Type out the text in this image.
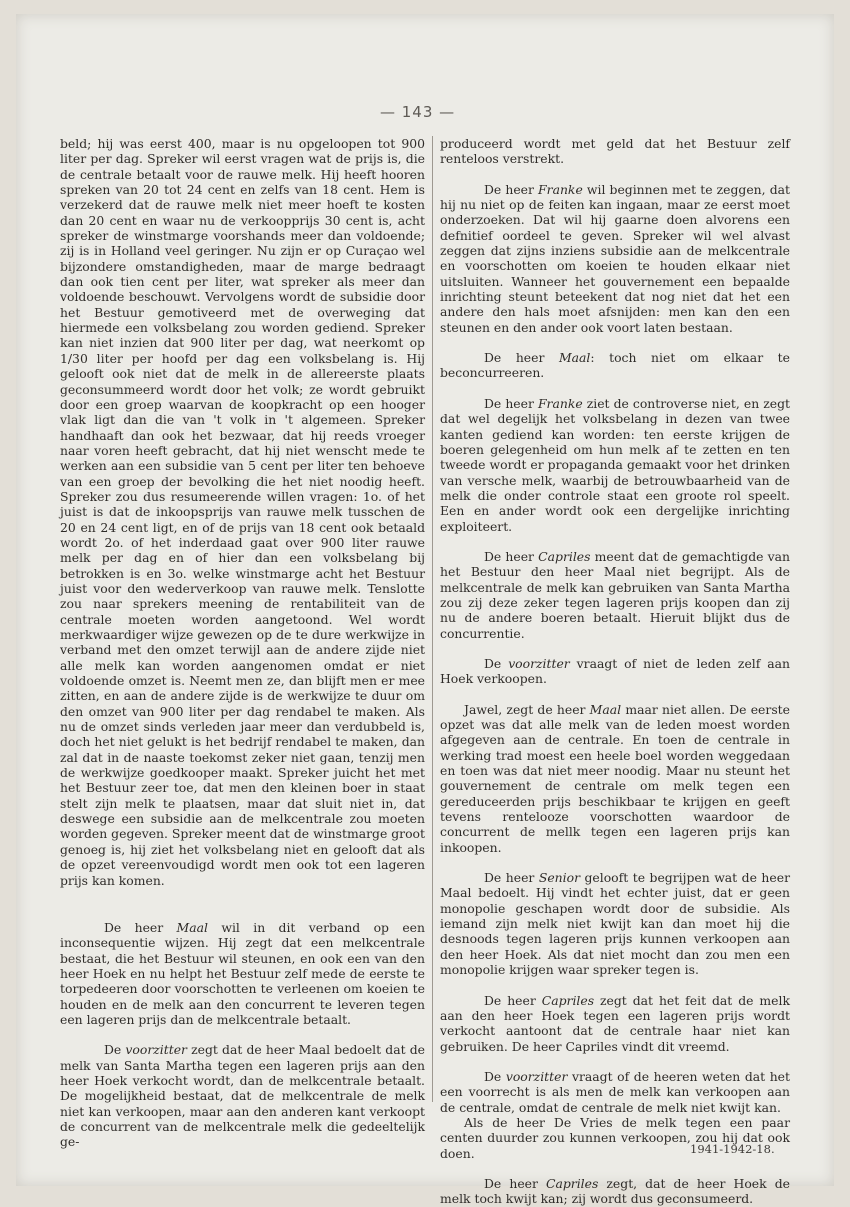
— 143 —

beld; hij was eerst 400, maar is nu opgeloopen tot 900 liter per dag. Spreker wil eerst vragen wat de prijs is, die de centrale betaalt voor de rauwe melk. Hij heeft hooren spreken van 20 tot 24 cent en zelfs van 18 cent. Hem is verzekerd dat de rauwe melk niet meer hoeft te kosten dan 20 cent en waar nu de verkoopprijs 30 cent is, acht spreker de winstmarge voorshands meer dan voldoende; zij is in Holland veel geringer. Nu zijn er op Curaçao wel bijzondere omstandigheden, maar de marge bedraagt dan ook tien cent per liter, wat spreker als meer dan voldoende beschouwt. Vervolgens wordt de subsidie door het Bestuur gemotiveerd met de overweging dat hiermede een volksbelang zou worden gediend. Spreker kan niet inzien dat 900 liter per dag, wat neerkomt op 1/30 liter per hoofd per dag een volksbelang is. Hij gelooft ook niet dat de melk in de allereerste plaats geconsummeerd wordt door het volk; ze wordt gebruikt door een groep waarvan de koopkracht op een hooger vlak ligt dan die van 't volk in 't algemeen. Spreker handhaaft dan ook het bezwaar, dat hij reeds vroeger naar voren heeft gebracht, dat hij niet wenscht mede te werken aan een subsidie van 5 cent per liter ten behoeve van een groep der bevolking die het niet noodig heeft. Spreker zou dus resumeerende willen vragen: 1o. of het juist is dat de inkoopsprijs van rauwe melk tusschen de 20 en 24 cent ligt, en of de prijs van 18 cent ook betaald wordt 2o. of het inderdaad gaat over 900 liter rauwe melk per dag en of hier dan een volksbelang bij betrokken is en 3o. welke winstmarge acht het Bestuur juist voor den wederverkoop van rauwe melk. Tenslotte zou naar sprekers meening de rentabiliteit van de centrale moeten worden aangetoond. Wel wordt merkwaardiger wijze gewezen op de te dure werkwijze in verband met den omzet terwijl aan de andere zijde niet alle melk kan worden aangenomen omdat er niet voldoende omzet is. Neemt men ze, dan blijft men er mee zitten, en aan de andere zijde is de werkwijze te duur om den omzet van 900 liter per dag rendabel te maken. Als nu de omzet sinds verleden jaar meer dan verdubbeld is, doch het niet gelukt is het bedrijf rendabel te maken, dan zal dat in de naaste toekomst zeker niet gaan, tenzij men de werkwijze goedkooper maakt. Spreker juicht het met het Bestuur zeer toe, dat men den kleinen boer in staat stelt zijn melk te plaatsen, maar dat sluit niet in, dat deswege een subsidie aan de melkcentrale zou moeten worden gegeven. Spreker meent dat de winstmarge groot genoeg is, hij ziet het volksbelang niet en gelooft dat als de opzet vereenvoudigd wordt men ook tot een lageren prijs kan komen.

De heer Maal wil in dit verband op een inconsequentie wijzen. Hij zegt dat een melkcentrale bestaat, die het Bestuur wil steunen, en ook een van den heer Hoek en nu helpt het Bestuur zelf mede de eerste te torpedeeren door voorschotten te verleenen om koeien te houden en de melk aan den concurrent te leveren tegen een lageren prijs dan de melkcentrale betaalt.

De voorzitter zegt dat de heer Maal bedoelt dat de melk van Santa Martha tegen een lageren prijs aan den heer Hoek verkocht wordt, dan de melkcentrale betaalt. De mogelijkheid bestaat, dat de melkcentrale de melk niet kan verkoopen, maar aan den anderen kant verkoopt de concurrent van de melkcentrale melk die gedeeltelijk ge-

produceerd wordt met geld dat het Bestuur zelf renteloos verstrekt.

De heer Franke wil beginnen met te zeggen, dat hij nu niet op de feiten kan ingaan, maar ze eerst moet onderzoeken. Dat wil hij gaarne doen alvorens een defnitief oordeel te geven. Spreker wil wel alvast zeggen dat zijns inziens subsidie aan de melkcentrale en voorschotten om koeien te houden elkaar niet uitsluiten. Wanneer het gouvernement een bepaalde inrichting steunt beteekent dat nog niet dat het een andere den hals moet afsnijden: men kan den een steunen en den ander ook voort laten bestaan.

De heer Maal: toch niet om elkaar te beconcurreeren.

De heer Franke ziet de controverse niet, en zegt dat wel degelijk het volksbelang in dezen van twee kanten gediend kan worden: ten eerste krijgen de boeren gelegenheid om hun melk af te zetten en ten tweede wordt er propaganda gemaakt voor het drinken van versche melk, waarbij de betrouwbaarheid van de melk die onder controle staat een groote rol speelt. Een en ander wordt ook een dergelijke inrichting exploiteert.

De heer Capriles meent dat de gemachtigde van het Bestuur den heer Maal niet begrijpt. Als de melkcentrale de melk kan gebruiken van Santa Martha zou zij deze zeker tegen lageren prijs koopen dan zij nu de andere boeren betaalt. Hieruit blijkt dus de concurrentie.

De voorzitter vraagt of niet de leden zelf aan Hoek verkoopen.

Jawel, zegt de heer Maal maar niet allen. De eerste opzet was dat alle melk van de leden moest worden afgegeven aan de centrale. En toen de centrale in werking trad moest een heele boel worden weggedaan en toen was dat niet meer noodig. Maar nu steunt het gouvernement de centrale om melk tegen een gereduceerden prijs beschikbaar te krijgen en geeft tevens rentelooze voorschotten waardoor de concurrent de mellk tegen een lageren prijs kan inkoopen.

De heer Senior gelooft te begrijpen wat de heer Maal bedoelt. Hij vindt het echter juist, dat er geen monopolie geschapen wordt door de subsidie. Als iemand zijn melk niet kwijt kan dan moet hij die desnoods tegen lageren prijs kunnen verkoopen aan den heer Hoek. Als dat niet mocht dan zou men een monopolie krijgen waar spreker tegen is.

De heer Capriles zegt dat het feit dat de melk aan den heer Hoek tegen een lageren prijs wordt verkocht aantoont dat de centrale haar niet kan gebruiken. De heer Capriles vindt dit vreemd.

De voorzitter vraagt of de heeren weten dat het een voorrecht is als men de melk kan verkoopen aan de centrale, omdat de centrale de melk niet kwijt kan.

Als de heer De Vries de melk tegen een paar centen duurder zou kunnen verkoopen, zou hij dat ook doen.

De heer Capriles zegt, dat de heer Hoek de melk toch kwijt kan; zij wordt dus geconsumeerd.

1941-1942-18.
